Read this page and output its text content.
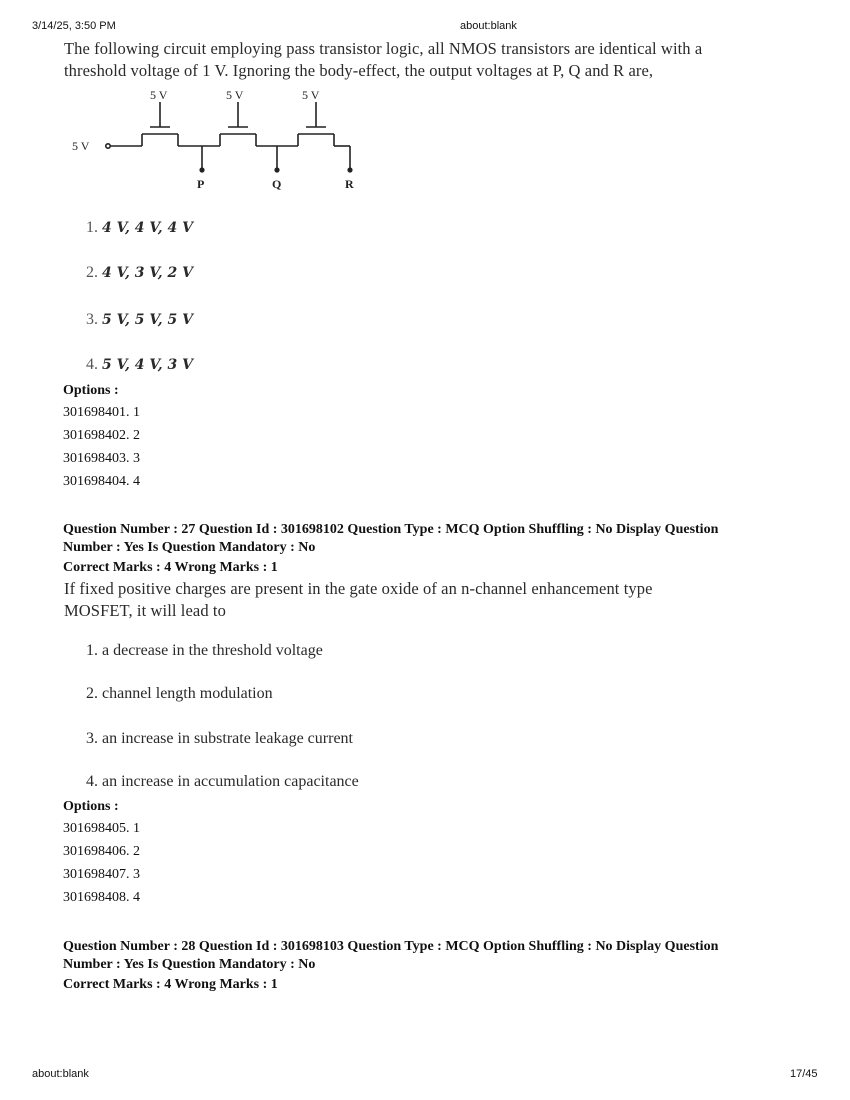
3/14/25, 3:50 PM	about:blank
The following circuit employing pass transistor logic, all NMOS transistors are identical with a
threshold voltage of 1 V. Ignoring the body-effect, the output voltages at P, Q and R are,
5 V	5 V	5 V
5 V
P	Q	R
1. 4 V, 4 V, 4 V
2. 4 V, 3 V, 2 V
3. 5 V, 5 V, 5 V
4. 5 V, 4 V, 3 V
Options :
301698401. 1
301698402. 2
301698403. 3
301698404. 4
Question Number : 27 Question Id : 301698102 Question Type : MCQ Option Shuffling : No Display Question
Number : Yes Is Question Mandatory : No
Correct Marks : 4 Wrong Marks : 1
If fixed positive charges are present in the gate oxide of an n-channel enhancement type
MOSFET, it will lead to
1. a decrease in the threshold voltage
2. channel length modulation
3. an increase in substrate leakage current
4. an increase in accumulation capacitance
Options :
301698405. 1
301698406. 2
301698407. 3
301698408. 4
Question Number : 28 Question Id : 301698103 Question Type : MCQ Option Shuffling : No Display Question
Number : Yes Is Question Mandatory : No
Correct Marks : 4 Wrong Marks : 1
about:blank	17/45
